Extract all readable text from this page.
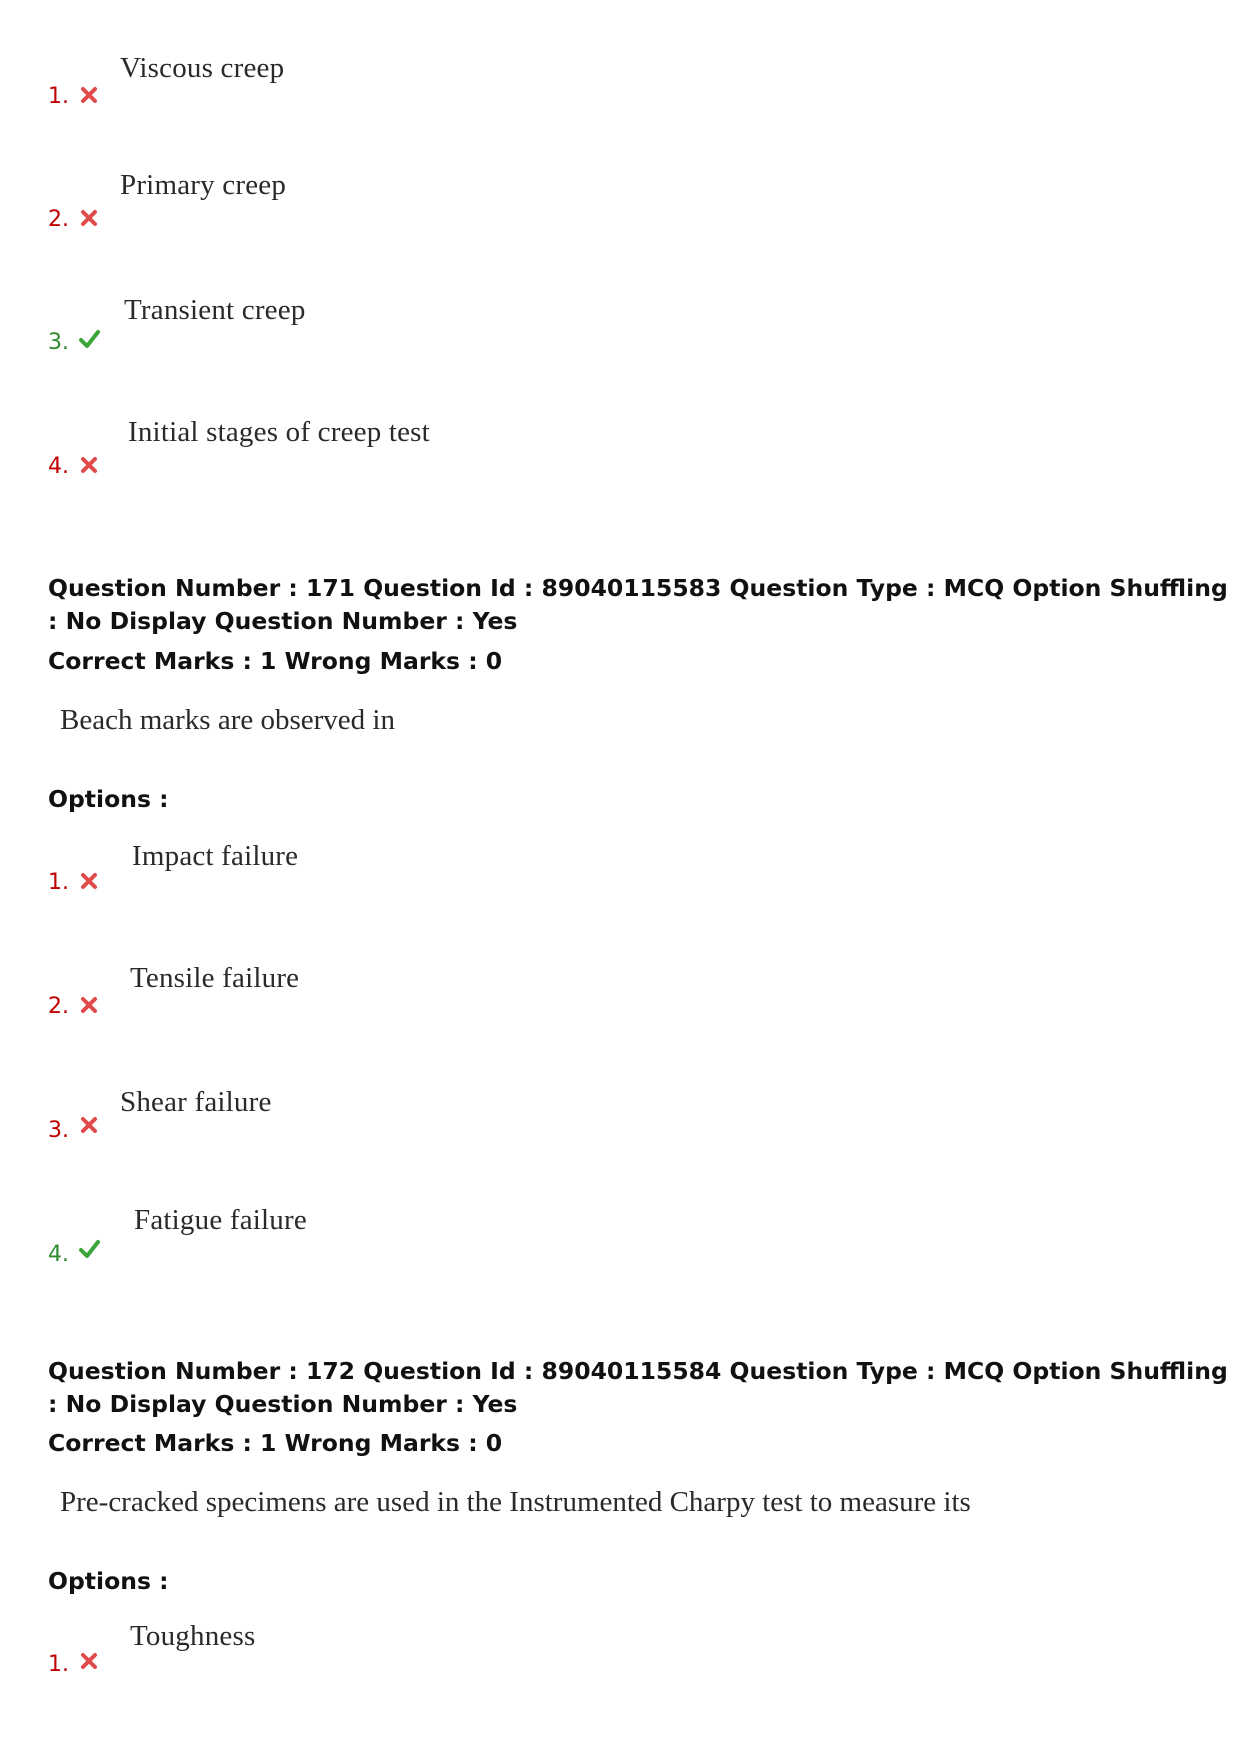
1.
Viscous creep
2.
Primary creep
3.
Transient creep
4.
Initial stages of creep test
Question Number : 171 Question Id : 89040115583 Question Type : MCQ Option Shuffling : No Display Question Number : Yes
Correct Marks : 1 Wrong Marks : 0
Beach marks are observed in
Options :
1.
Impact failure
2.
Tensile failure
3.
Shear failure
4.
Fatigue failure
Question Number : 172 Question Id : 89040115584 Question Type : MCQ Option Shuffling : No Display Question Number : Yes
Correct Marks : 1 Wrong Marks : 0
Pre-cracked specimens are used in the Instrumented Charpy test to measure its
Options :
1.
Toughness
